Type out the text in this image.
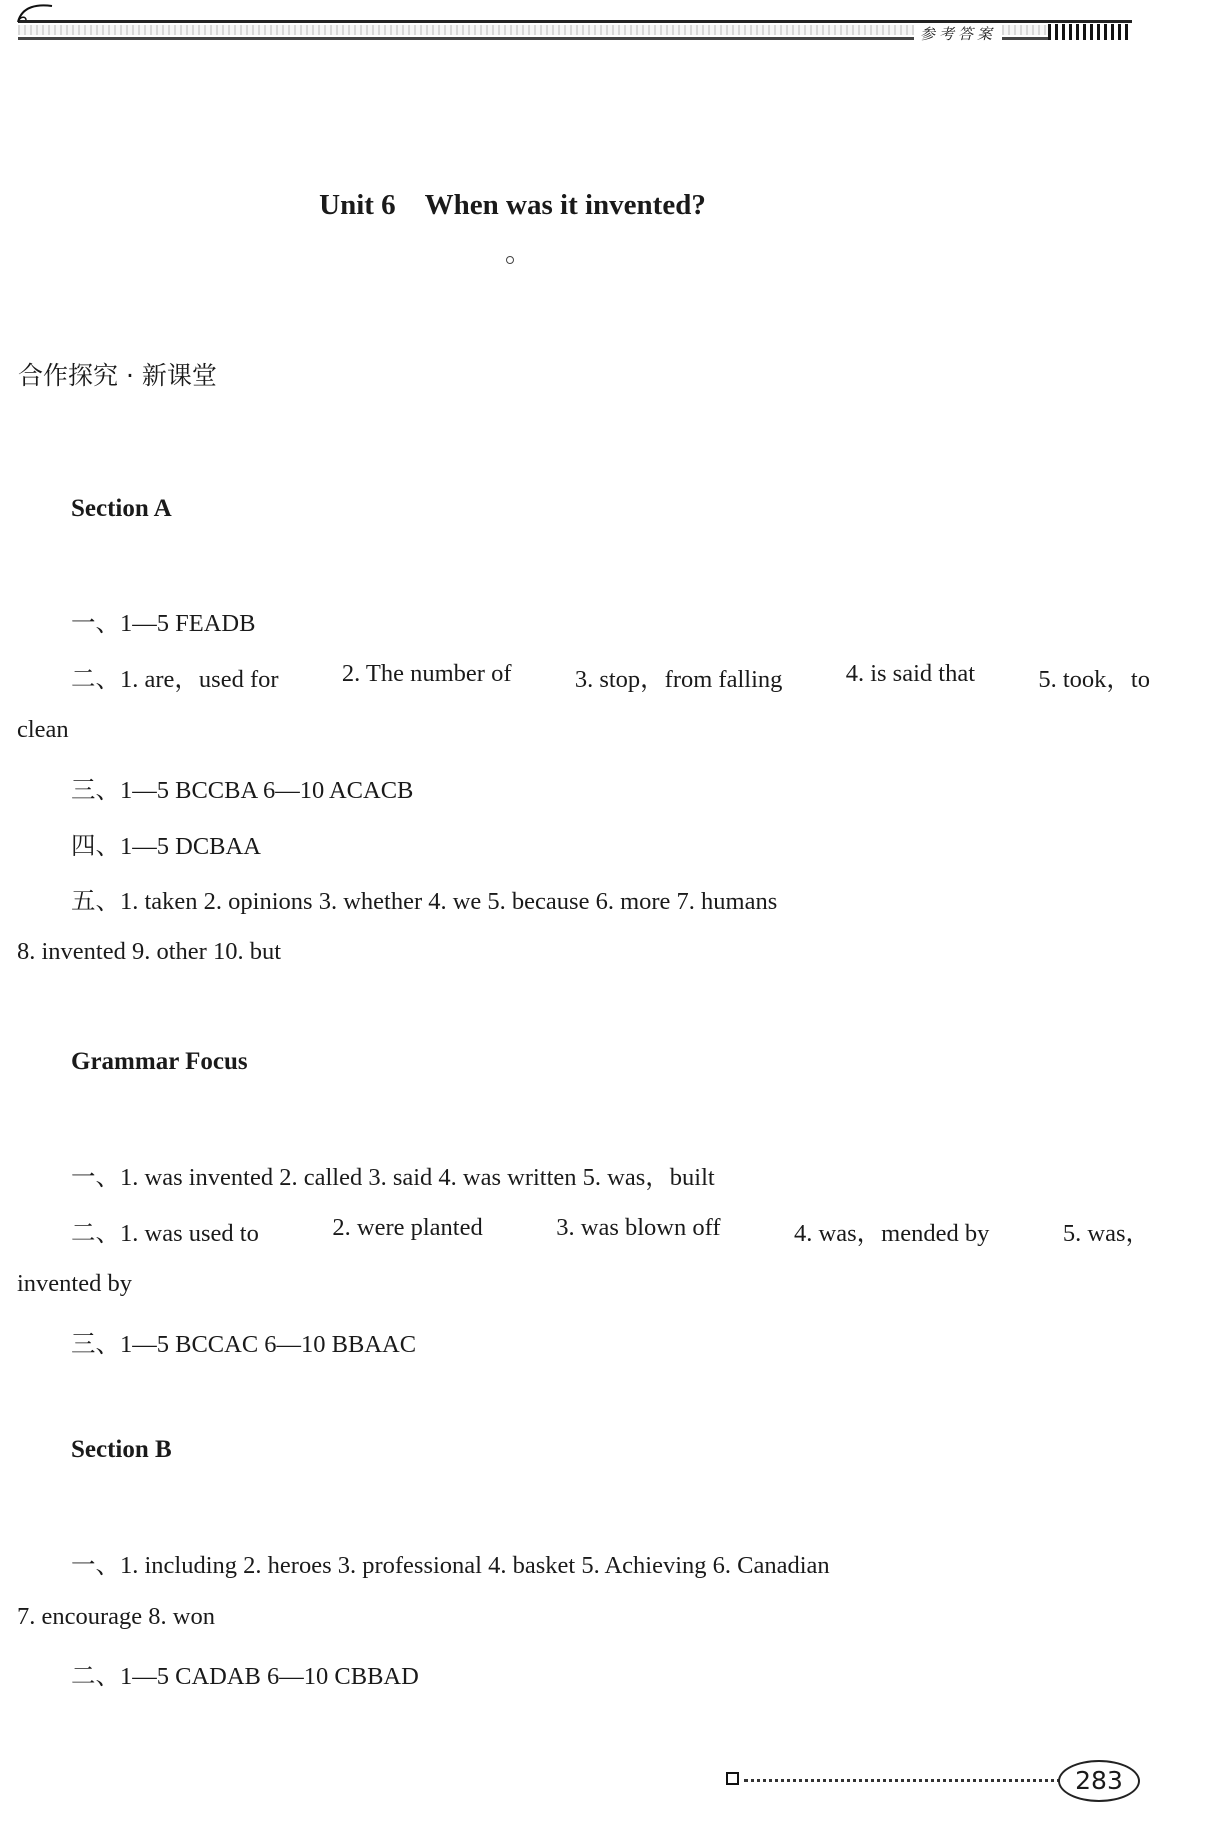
参考答案
Unit 6　When was it invented?
合作探究 · 新课堂
Section A

一、1—5 FEADB

二、1. are，used for	2. The number of	3. stop，from falling	4. is said that	5. took，to

clean

三、1—5 BCCBA 6—10 ACACB

四、1—5 DCBAA

五、1. taken 2. opinions 3. whether 4. we 5. because 6. more 7. humans

8. invented 9. other 10. but

Grammar Focus

一、1. was invented 2. called 3. said 4. was written 5. was，built

二、1. was used to	2. were planted	3. was blown off	4. was，mended by	5. was，

invented by

三、1—5 BCCAC 6—10 BBAAC

Section B

一、1. including 2. heroes 3. professional 4. basket 5. Achieving 6. Canadian

7. encourage 8. won

二、1—5 CADAB 6—10 CBBAD

283
